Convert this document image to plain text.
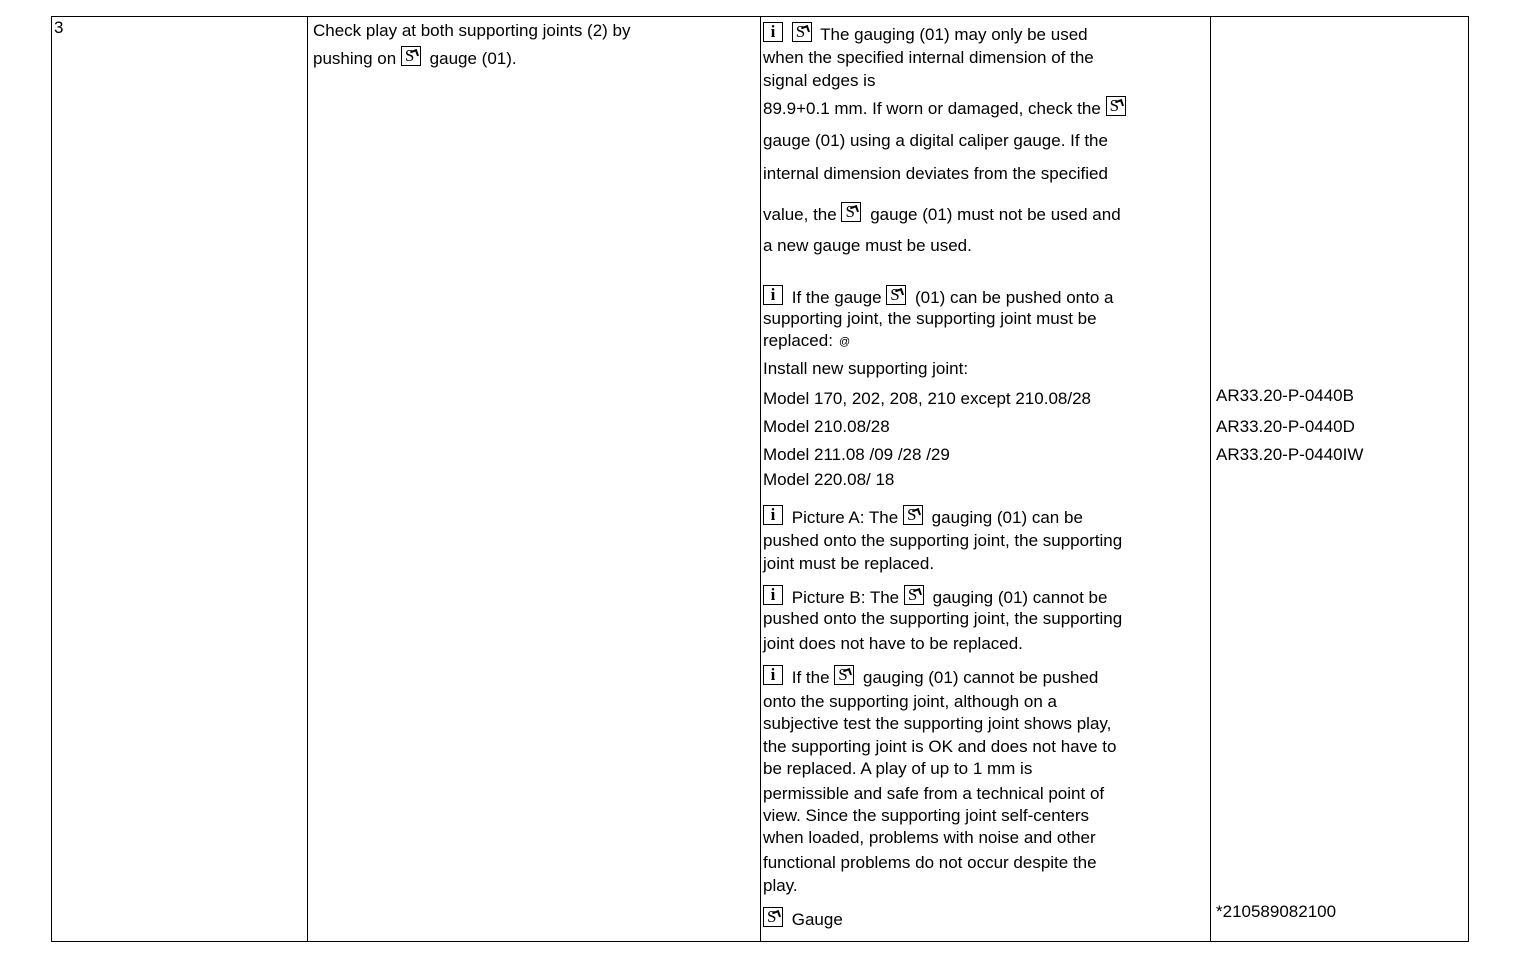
3	Check play at both supporting joints (2) by
pushing on S gauge (01).
i S The gauging (01) may only be used
when the specified internal dimension of the
signal edges is
89.9+0.1 mm. If worn or damaged, check the S
gauge (01) using a digital caliper gauge. If the
internal dimension deviates from the specified
value, the S gauge (01) must not be used and
a new gauge must be used.
i If the gauge S (01) can be pushed onto a
supporting joint, the supporting joint must be
replaced: @
Install new supporting joint:
Model 170, 202, 208, 210 except 210.08/28
Model 210.08/28
Model 211.08 /09 /28 /29
Model 220.08/ 18
i Picture A: The S gauging (01) can be
pushed onto the supporting joint, the supporting
joint must be replaced.
i Picture B: The S gauging (01) cannot be
pushed onto the supporting joint, the supporting
joint does not have to be replaced.
i If the S gauging (01) cannot be pushed
onto the supporting joint, although on a
subjective test the supporting joint shows play,
the supporting joint is OK and does not have to
be replaced. A play of up to 1 mm is
permissible and safe from a technical point of
view. Since the supporting joint self-centers
when loaded, problems with noise and other
functional problems do not occur despite the
play.
S Gauge
AR33.20-P-0440B
AR33.20-P-0440D
AR33.20-P-0440IW
*210589082100
